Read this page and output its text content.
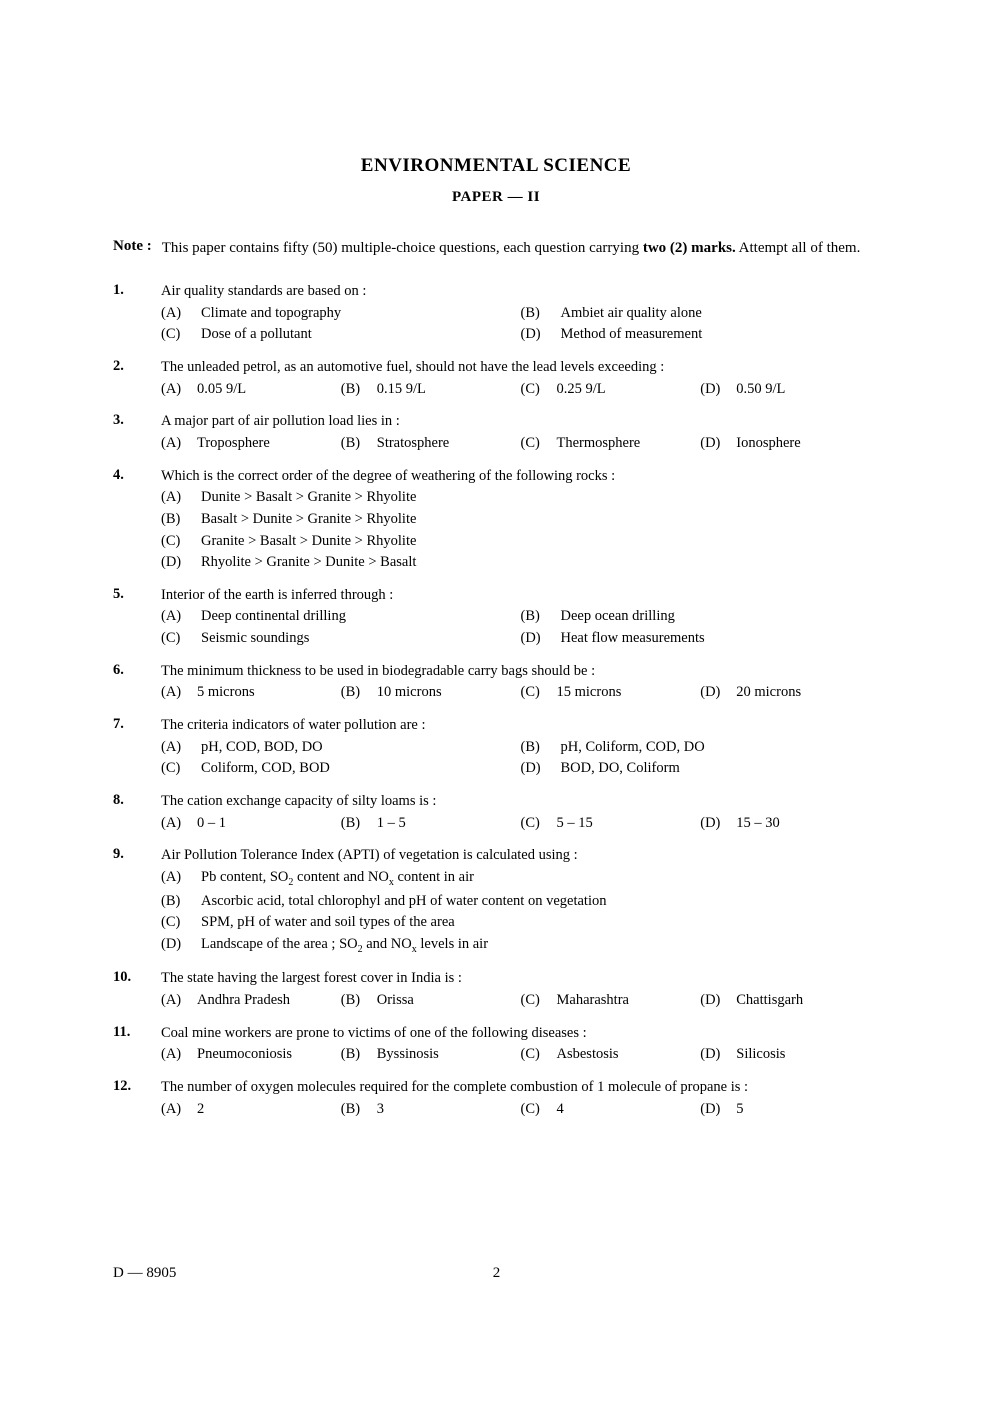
ENVIRONMENTAL SCIENCE
PAPER — II
Note : This paper contains fifty (50) multiple-choice questions, each question carrying two (2) marks. Attempt all of them.
1.	Air quality standards are based on :
(A)	Climate and topography	(B)	Ambiet air quality alone
(C)	Dose of a pollutant	(D)	Method of measurement
2.	The unleaded petrol, as an automotive fuel, should not have the lead levels exceeding :
(A)	0.05 9/L	(B)	0.15 9/L	(C)	0.25 9/L	(D)	0.50 9/L
3.	A major part of air pollution load lies in :
(A)	Troposphere	(B)	Stratosphere	(C)	Thermosphere	(D)	Ionosphere
4.	Which is the correct order of the degree of weathering of the following rocks :
(A)	Dunite > Basalt > Granite > Rhyolite
(B)	Basalt > Dunite > Granite > Rhyolite
(C)	Granite > Basalt > Dunite > Rhyolite
(D)	Rhyolite > Granite > Dunite > Basalt
5.	Interior of the earth is inferred through :
(A)	Deep continental drilling	(B)	Deep ocean drilling
(C)	Seismic soundings	(D)	Heat flow measurements
6.	The minimum thickness to be used in biodegradable carry bags should be :
(A)	5 microns	(B)	10 microns	(C)	15 microns	(D)	20 microns
7.	The criteria indicators of water pollution are :
(A)	pH, COD, BOD, DO	(B)	pH, Coliform, COD, DO
(C)	Coliform, COD, BOD	(D)	BOD, DO, Coliform
8.	The cation exchange capacity of silty loams is :
(A)	0 – 1	(B)	1 – 5	(C)	5 – 15	(D)	15 – 30
9.	Air Pollution Tolerance Index (APTI) of vegetation is calculated using :
(A)	Pb content, $SO_2$ content and $NO_x$ content in air
(B)	Ascorbic acid, total chlorophyl and pH of water content on vegetation
(C)	SPM, pH of water and soil types of the area
(D)	Landscape of the area ; $SO_2$ and $NO_x$ levels in air
10.	The state having the largest forest cover in India is :
(A)	Andhra Pradesh	(B)	Orissa	(C)	Maharashtra	(D)	Chattisgarh
11.	Coal mine workers are prone to victims of one of the following diseases :
(A)	Pneumoconiosis	(B)	Byssinosis	(C)	Asbestosis	(D)	Silicosis
12.	The number of oxygen molecules required for the complete combustion of 1 molecule of propane is :
(A)	2	(B)	3	(C)	4	(D)	5
D — 8905	2
